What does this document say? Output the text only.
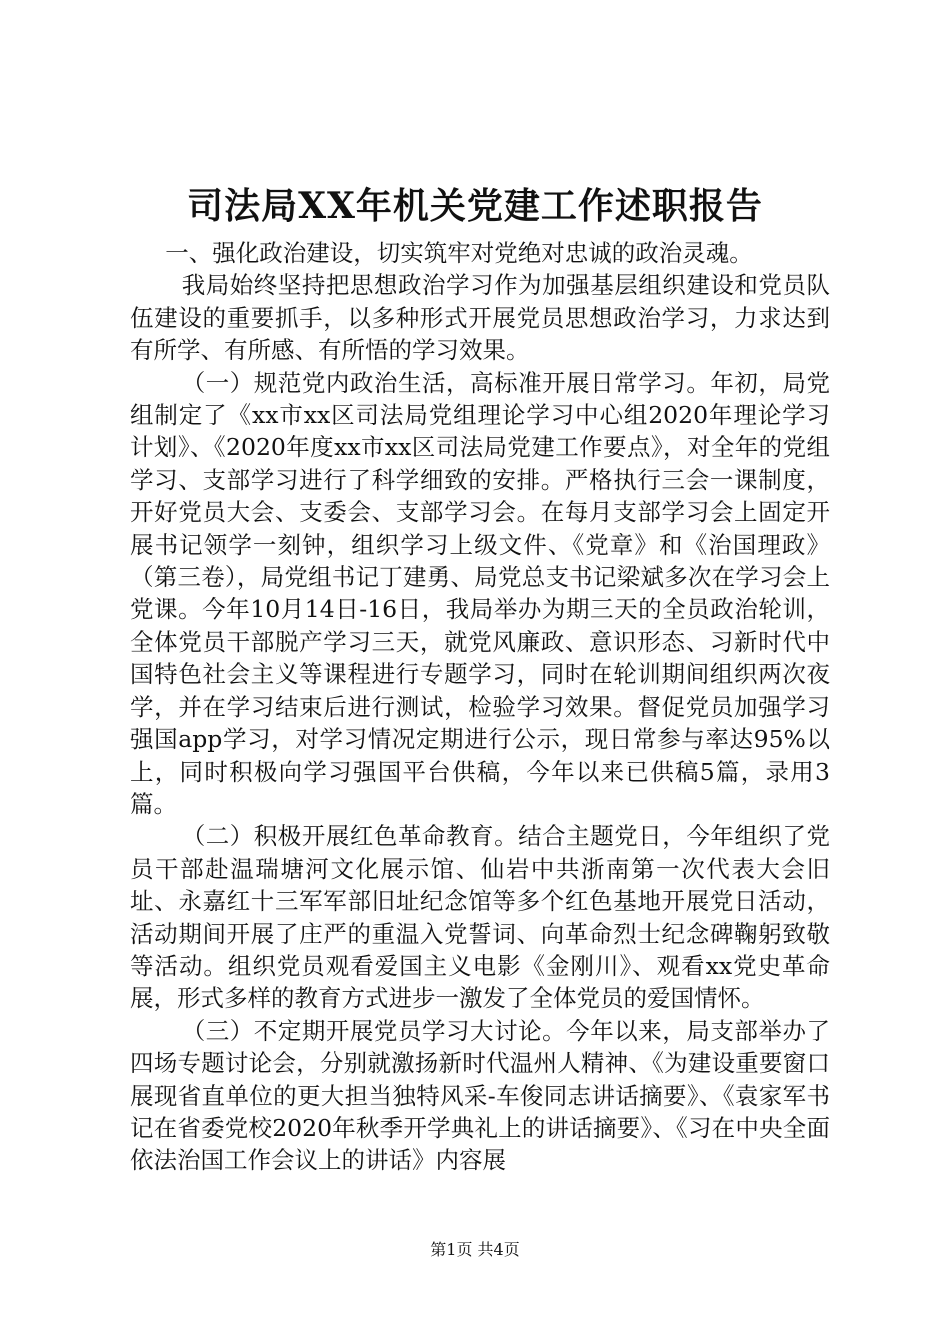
司法局XX年机关党建工作述职报告

一、强化政治建设，切实筑牢对党绝对忠诚的政治灵魂。

我局始终坚持把思想政治学习作为加强基层组织建设和党员队伍建设的重要抓手，以多种形式开展党员思想政治学习，力求达到有所学、有所感、有所悟的学习效果。

（一）规范党内政治生活，高标准开展日常学习。年初，局党组制定了《xx市xx区司法局党组理论学习中心组2020年理论学习计划》、《2020年度xx市xx区司法局党建工作要点》，对全年的党组学习、支部学习进行了科学细致的安排。严格执行三会一课制度，开好党员大会、支委会、支部学习会。在每月支部学习会上固定开展书记领学一刻钟，组织学习上级文件、《党章》和《治国理政》（第三卷），局党组书记丁建勇、局党总支书记梁斌多次在学习会上党课。今年10月14日-16日，我局举办为期三天的全员政治轮训，全体党员干部脱产学习三天，就党风廉政、意识形态、习新时代中国特色社会主义等课程进行专题学习，同时在轮训期间组织两次夜学，并在学习结束后进行测试，检验学习效果。督促党员加强学习强国app学习，对学习情况定期进行公示，现日常参与率达95%以上，同时积极向学习强国平台供稿，今年以来已供稿5篇，录用3篇。

（二）积极开展红色革命教育。结合主题党日，今年组织了党员干部赴温瑞塘河文化展示馆、仙岩中共浙南第一次代表大会旧址、永嘉红十三军军部旧址纪念馆等多个红色基地开展党日活动，活动期间开展了庄严的重温入党誓词、向革命烈士纪念碑鞠躬致敬等活动。组织党员观看爱国主义电影《金刚川》、观看xx党史革命展，形式多样的教育方式进步一激发了全体党员的爱国情怀。

（三）不定期开展党员学习大讨论。今年以来，局支部举办了四场专题讨论会，分别就激扬新时代温州人精神、《为建设重要窗口展现省直单位的更大担当独特风采-车俊同志讲话摘要》、《袁家军书记在省委党校2020年秋季开学典礼上的讲话摘要》、《习在中央全面依法治国工作会议上的讲话》内容展

第1页 共4页
